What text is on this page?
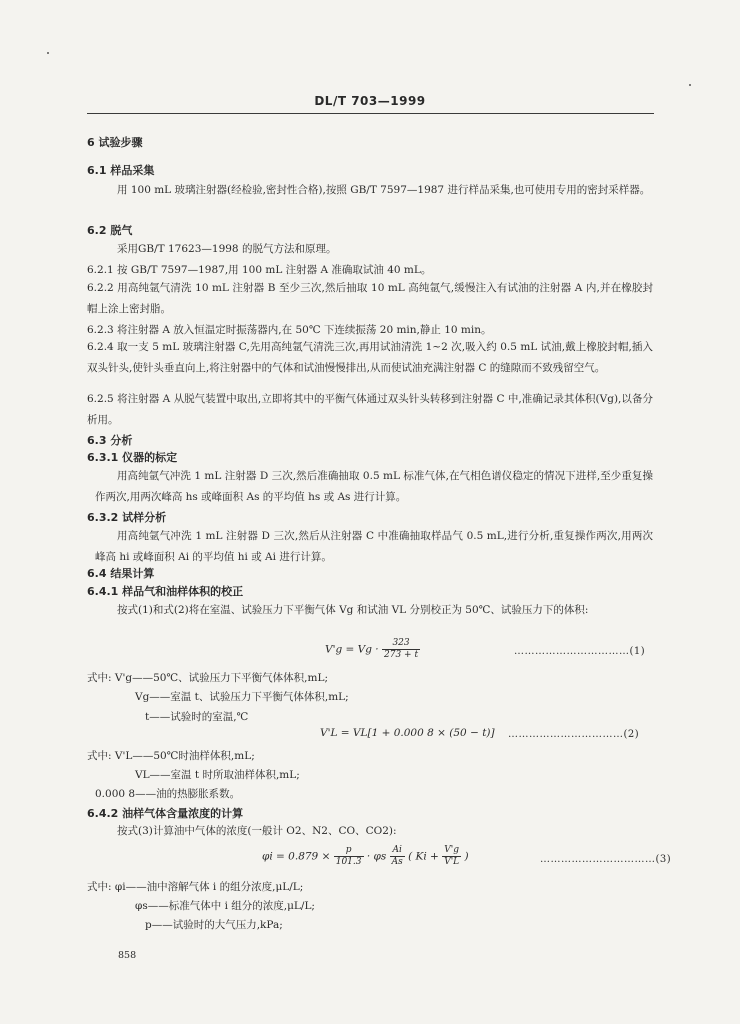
DL/T 703—1999
6 试验步骤
6.1 样品采集
用 100 mL 玻璃注射器(经检验,密封性合格),按照 GB/T 7597—1987 进行样品采集,也可使用专用的密封采样器。
6.2 脱气
采用GB/T 17623—1998 的脱气方法和原理。
6.2.1 按 GB/T 7597—1987,用 100 mL 注射器 A 准确取试油 40 mL。
6.2.2 用高纯氩气清洗 10 mL 注射器 B 至少三次,然后抽取 10 mL 高纯氩气,缓慢注入有试油的注射器 A 内,并在橡胶封帽上涂上密封脂。
6.2.3 将注射器 A 放入恒温定时振荡器内,在 50℃ 下连续振荡 20 min,静止 10 min。
6.2.4 取一支 5 mL 玻璃注射器 C,先用高纯氩气清洗三次,再用试油清洗 1~2 次,吸入约 0.5 mL 试油,戴上橡胶封帽,插入双头针头,使针头垂直向上,将注射器中的气体和试油慢慢排出,从而使试油充满注射器 C 的缝隙而不致残留空气。
6.2.5 将注射器 A 从脱气装置中取出,立即将其中的平衡气体通过双头针头转移到注射器 C 中,准确记录其体积(Vg),以备分析用。
6.3 分析
6.3.1 仪器的标定
用高纯氩气冲洗 1 mL 注射器 D 三次,然后准确抽取 0.5 mL 标准气体,在气相色谱仪稳定的情况下进样,至少重复操作两次,用两次峰高 hs 或峰面积 As 的平均值 hs 或 As 进行计算。
6.3.2 试样分析
用高纯氩气冲洗 1 mL 注射器 D 三次,然后从注射器 C 中准确抽取样品气 0.5 mL,进行分析,重复操作两次,用两次峰高 hi 或峰面积 Ai 的平均值 hi 或 Ai 进行计算。
6.4 结果计算
6.4.1 样品气和油样体积的校正
按式(1)和式(2)将在室温、试验压力下平衡气体 Vg 和试油 VL 分别校正为 50℃、试验压力下的体积:
$V'g = Vg \cdot \frac{323}{273 + t}$	……………………………(1)
式中: V'g——50℃、试验压力下平衡气体体积,mL;
Vg——室温 t、试验压力下平衡气体体积,mL;
t——试验时的室温,℃
V'L = VL[1 + 0.000 8 × (50 − t)] ……………………………(2)
式中: V'L——50℃时油样体积,mL;
VL——室温 t 时所取油样体积,mL;
0.000 8——油的热膨胀系数。
6.4.2 油样气体含量浓度的计算
按式(3)计算油中气体的浓度(一般计 O2、N2、CO、CO2):
$\varphi i = 0.879 \times \frac{p}{101.3} \cdot \varphi s \frac{Ai}{As}$ ( $Ki + \frac{V'g}{V'L}$ )	……………………………(3)
式中: φi——油中溶解气体 i 的组分浓度,μL/L;
φs——标准气体中 i 组分的浓度,μL/L;
p——试验时的大气压力,kPa;
858
